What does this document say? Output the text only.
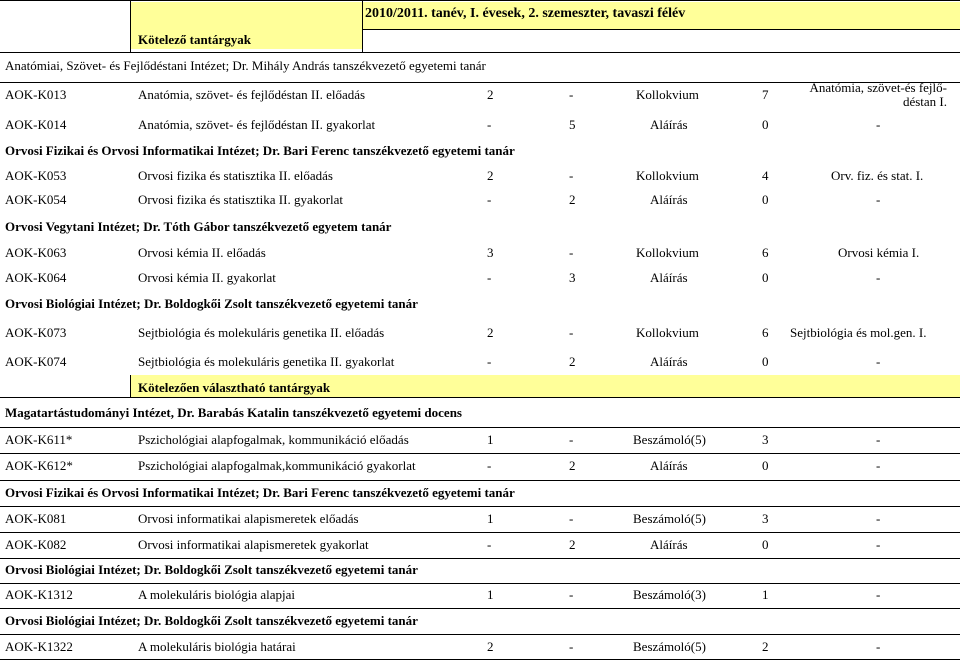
2010/2011. tanév, I. évesek, 2. szemeszter, tavaszi félév
Kötelező tantárgyak
Anatómiai, Szövet- és Fejlődéstani Intézet; Dr. Mihály András tanszékvezető egyetemi tanár
AOK-K013	Anatómia, szövet- és fejlődéstan II. előadás	2	-	Kollokvium	7	Anatómia, szövet-és fejlő-déstan I.
AOK-K014	Anatómia, szövet- és fejlődéstan II. gyakorlat	-	5	Aláírás	0	-
Orvosi Fizikai és Orvosi Informatikai Intézet; Dr. Bari Ferenc tanszékvezető egyetemi tanár
AOK-K053	Orvosi fizika és statisztika II. előadás	2	-	Kollokvium	4	Orv. fiz. és stat. I.
AOK-K054	Orvosi fizika és statisztika II. gyakorlat	-	2	Aláírás	0	-
Orvosi Vegytani Intézet; Dr. Tóth Gábor tanszékvezető egyetem tanár
AOK-K063	Orvosi kémia II. előadás	3	-	Kollokvium	6	Orvosi kémia I.
AOK-K064	Orvosi kémia II. gyakorlat	-	3	Aláírás	0	-
Orvosi Biológiai Intézet; Dr. Boldogkői Zsolt tanszékvezető egyetemi tanár
AOK-K073	Sejtbiológia és molekuláris genetika II. előadás	2	-	Kollokvium	6 Sejtbiológia és mol.gen. I.
AOK-K074	Sejtbiológia és molekuláris genetika II. gyakorlat	-	2	Aláírás	0	-
Kötelezően választható tantárgyak
Magatartástudományi Intézet, Dr. Barabás Katalin tanszékvezető egyetemi docens
AOK-K611*	Pszichológiai alapfogalmak, kommunikáció előadás	1	-	Beszámoló(5)	3	-
AOK-K612*	Pszichológiai alapfogalmak,kommunikáció gyakorlat	-	2	Aláírás	0	-
Orvosi Fizikai és Orvosi Informatikai Intézet; Dr. Bari Ferenc tanszékvezető egyetemi tanár
AOK-K081	Orvosi informatikai alapismeretek előadás	1	-	Beszámoló(5)	3	-
AOK-K082	Orvosi informatikai alapismeretek gyakorlat	-	2	Aláírás	0	-
Orvosi Biológiai Intézet; Dr. Boldogkői Zsolt tanszékvezető egyetemi tanár
AOK-K1312	A molekuláris biológia alapjai	1	-	Beszámoló(3)	1	-
Orvosi Biológiai Intézet; Dr. Boldogkői Zsolt tanszékvezető egyetemi tanár
AOK-K1322	A molekuláris biológia határai	2	-	Beszámoló(5)	2	-
